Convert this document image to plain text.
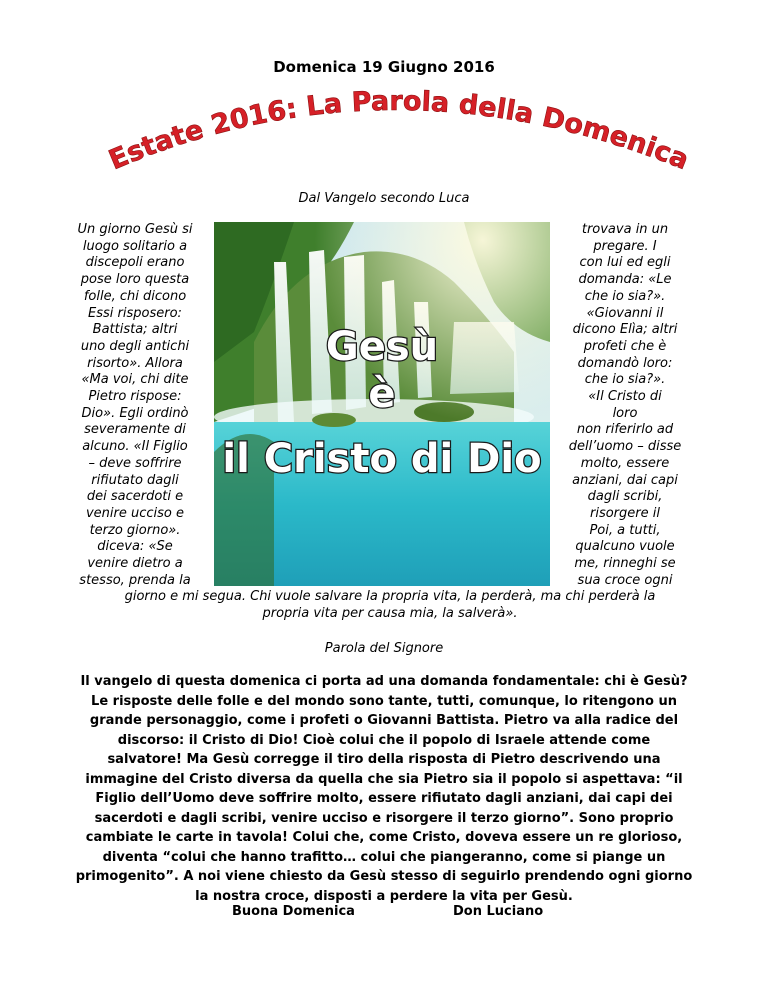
Domenica 19 Giugno 2016
Estate 2016: La Parola della Domenica
Dal Vangelo secondo Luca
Un giorno Gesù si
luogo solitario a
discepoli erano
pose loro questa
folle, chi dicono
Essi risposero:
Battista; altri
uno degli antichi
risorto». Allora
«Ma voi, chi dite
Pietro rispose:
Dio». Egli ordinò
severamente di
alcuno. «Il Figlio
– deve soffrire
rifiutato dagli
dei sacerdoti e
venire ucciso e
terzo giorno».
diceva: «Se
venire dietro a
stesso, prenda la
trovava in un
pregare. I
con lui ed egli
domanda: «Le
che io sia?».
«Giovanni il
dicono Elìa; altri
profeti che è
domandò loro:
che io sia?».
«Il Cristo di
loro
non riferirlo ad
dell’uomo – disse
molto, essere
anziani, dai capi
dagli scribi,
risorgere il
Poi, a tutti,
qualcuno vuole
me, rinneghi se
sua croce ogni
Gesù
è
il Cristo di Dio
giorno e mi segua. Chi vuole salvare la propria vita, la perderà, ma chi perderà la
propria vita per causa mia, la salverà».
Parola del Signore
Il vangelo di questa domenica ci porta ad una domanda fondamentale: chi è Gesù?
Le risposte delle folle e del mondo sono tante, tutti, comunque, lo ritengono un
grande personaggio, come i profeti o Giovanni Battista. Pietro va alla radice del
discorso: il Cristo di Dio! Cioè colui che il popolo di Israele attende come
salvatore! Ma Gesù corregge il tiro della risposta di Pietro descrivendo una
immagine del Cristo diversa da quella che sia Pietro sia il popolo si aspettava: “il
Figlio dell’Uomo deve soffrire molto, essere rifiutato dagli anziani, dai capi dei
sacerdoti e dagli scribi, venire ucciso e risorgere il terzo giorno”. Sono proprio
cambiate le carte in tavola! Colui che, come Cristo, doveva essere un re glorioso,
diventa “colui che hanno trafitto… colui che piangeranno, come si piange un
primogenito”. A noi viene chiesto da Gesù stesso di seguirlo prendendo ogni giorno
la nostra croce, disposti a perdere la vita per Gesù.
Buona Domenica	Don Luciano
